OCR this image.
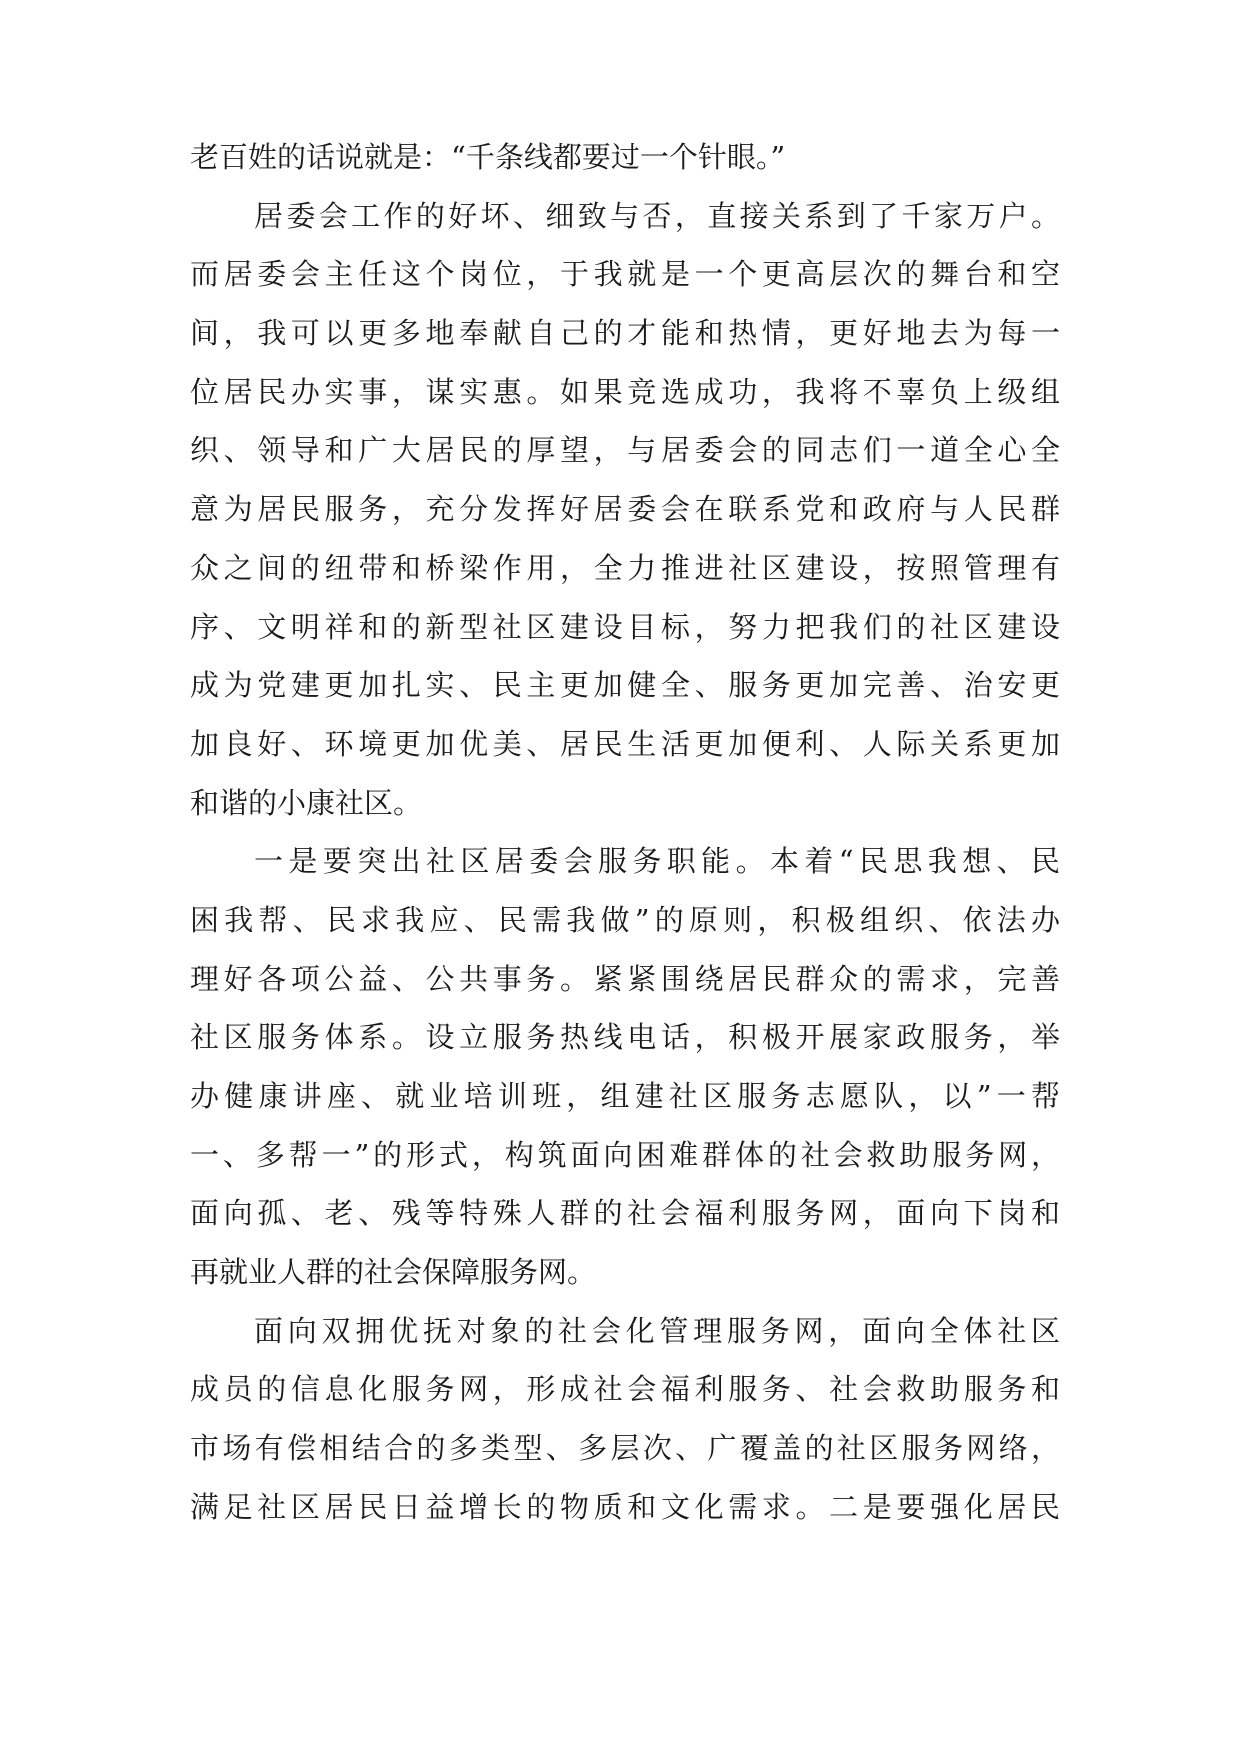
老百姓的话说就是：“千条线都要过一个针眼。”
居委会工作的好坏、细致与否，直接关系到了千家万户。
而居委会主任这个岗位，于我就是一个更高层次的舞台和空
间，我可以更多地奉献自己的才能和热情，更好地去为每一
位居民办实事，谋实惠。如果竞选成功，我将不辜负上级组
织、领导和广大居民的厚望，与居委会的同志们一道全心全
意为居民服务，充分发挥好居委会在联系党和政府与人民群
众之间的纽带和桥梁作用，全力推进社区建设，按照管理有
序、文明祥和的新型社区建设目标，努力把我们的社区建设
成为党建更加扎实、民主更加健全、服务更加完善、治安更
加良好、环境更加优美、居民生活更加便利、人际关系更加
和谐的小康社区。
一是要突出社区居委会服务职能。本着“民思我想、民
困我帮、民求我应、民需我做”的原则，积极组织、依法办
理好各项公益、公共事务。紧紧围绕居民群众的需求，完善
社区服务体系。设立服务热线电话，积极开展家政服务，举
办健康讲座、就业培训班，组建社区服务志愿队，以”一帮
一、多帮一”的形式，构筑面向困难群体的社会救助服务网，
面向孤、老、残等特殊人群的社会福利服务网，面向下岗和
再就业人群的社会保障服务网。
面向双拥优抚对象的社会化管理服务网，面向全体社区
成员的信息化服务网，形成社会福利服务、社会救助服务和
市场有偿相结合的多类型、多层次、广覆盖的社区服务网络，
满足社区居民日益增长的物质和文化需求。二是要强化居民
